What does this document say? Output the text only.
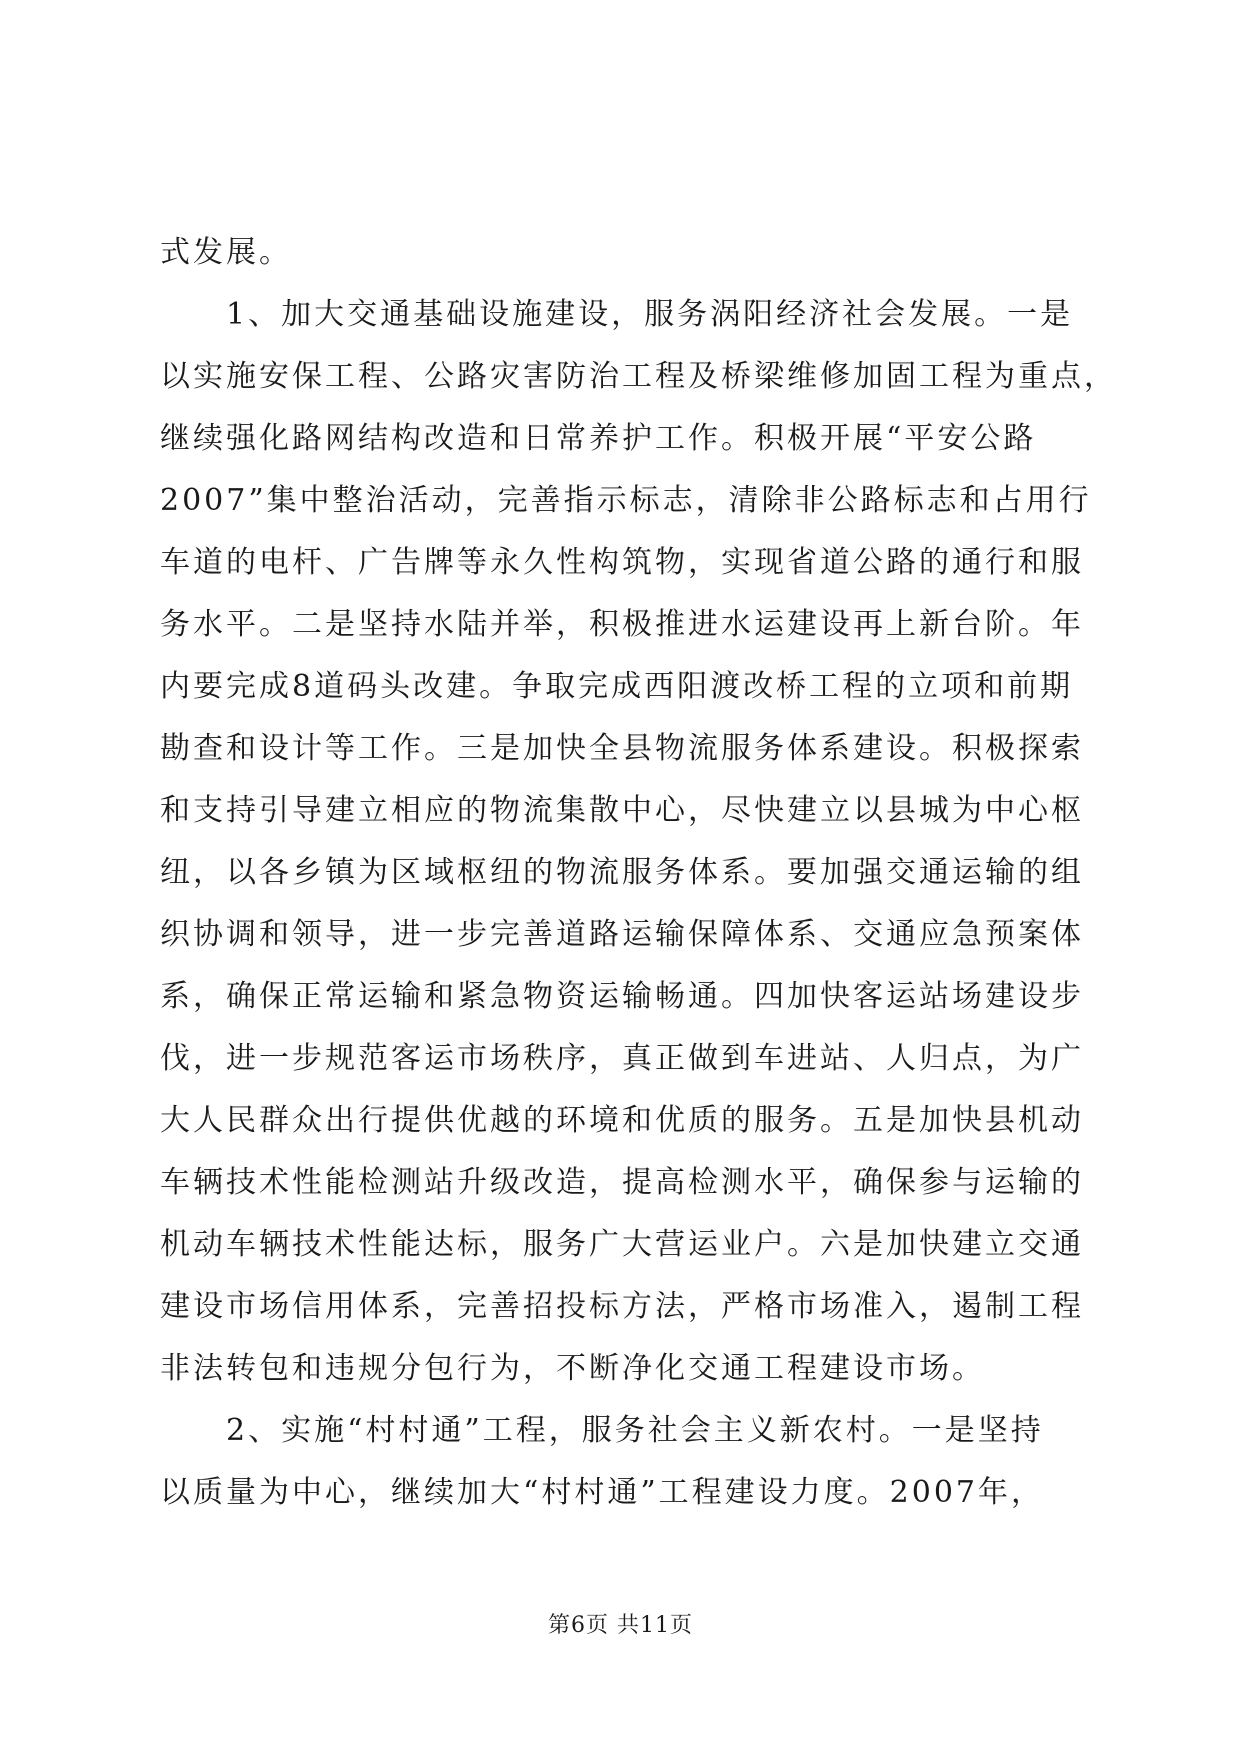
式发展。
1、加大交通基础设施建设，服务涡阳经济社会发展。一是
以实施安保工程、公路灾害防治工程及桥梁维修加固工程为重点，
继续强化路网结构改造和日常养护工作。积极开展“平安公路
2007”集中整治活动，完善指示标志，清除非公路标志和占用行
车道的电杆、广告牌等永久性构筑物，实现省道公路的通行和服
务水平。二是坚持水陆并举，积极推进水运建设再上新台阶。年
内要完成8道码头改建。争取完成西阳渡改桥工程的立项和前期
勘查和设计等工作。三是加快全县物流服务体系建设。积极探索
和支持引导建立相应的物流集散中心，尽快建立以县城为中心枢
纽，以各乡镇为区域枢纽的物流服务体系。要加强交通运输的组
织协调和领导，进一步完善道路运输保障体系、交通应急预案体
系，确保正常运输和紧急物资运输畅通。四加快客运站场建设步
伐，进一步规范客运市场秩序，真正做到车进站、人归点，为广
大人民群众出行提供优越的环境和优质的服务。五是加快县机动
车辆技术性能检测站升级改造，提高检测水平，确保参与运输的
机动车辆技术性能达标，服务广大营运业户。六是加快建立交通
建设市场信用体系，完善招投标方法，严格市场准入，遏制工程
非法转包和违规分包行为，不断净化交通工程建设市场。
2、实施“村村通”工程，服务社会主义新农村。一是坚持
以质量为中心，继续加大“村村通”工程建设力度。2007年，
第6页 共11页
